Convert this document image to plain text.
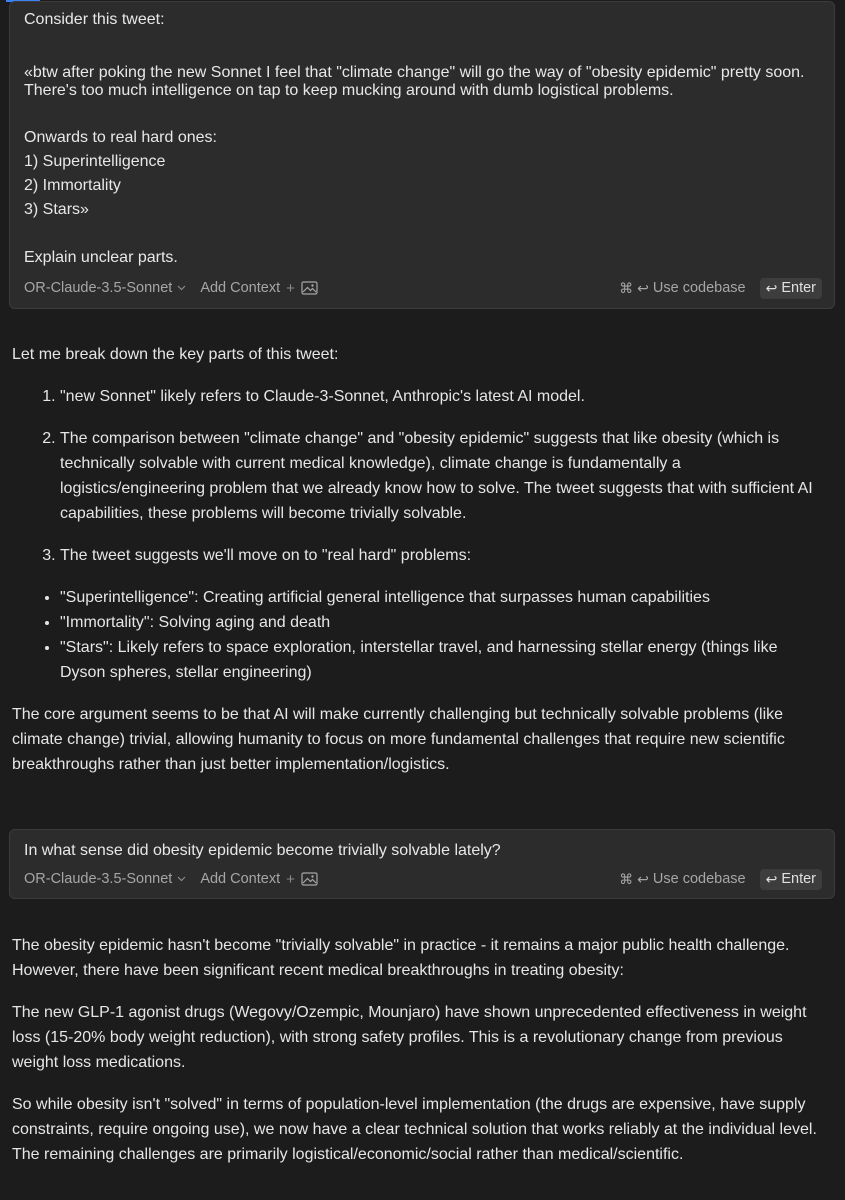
Consider this tweet:
«btw after poking the new Sonnet I feel that "climate change" will go the way of "obesity epidemic" pretty soon. There's too much intelligence on tap to keep mucking around with dumb logistical problems.
Onwards to real hard ones:
1) Superintelligence
2) Immortality
3) Stars»
Explain unclear parts.
OR-Claude-3.5-Sonnet Add Context +	⌘ ↩ Use codebase ↩ Enter

Let me break down the key parts of this tweet:

1. "new Sonnet" likely refers to Claude-3-Sonnet, Anthropic's latest AI model.
2. The comparison between "climate change" and "obesity epidemic" suggests that like obesity (which is technically solvable with current medical knowledge), climate change is fundamentally a logistics/engineering problem that we already know how to solve. The tweet suggests that with sufficient AI capabilities, these problems will become trivially solvable.
3. The tweet suggests we'll move on to "real hard" problems:
• "Superintelligence": Creating artificial general intelligence that surpasses human capabilities
• "Immortality": Solving aging and death
• "Stars": Likely refers to space exploration, interstellar travel, and harnessing stellar energy (things like Dyson spheres, stellar engineering)

The core argument seems to be that AI will make currently challenging but technically solvable problems (like climate change) trivial, allowing humanity to focus on more fundamental challenges that require new scientific breakthroughs rather than just better implementation/logistics.

In what sense did obesity epidemic become trivially solvable lately?
OR-Claude-3.5-Sonnet Add Context +	⌘ ↩ Use codebase ↩ Enter

The obesity epidemic hasn't become "trivially solvable" in practice - it remains a major public health challenge. However, there have been significant recent medical breakthroughs in treating obesity:

The new GLP-1 agonist drugs (Wegovy/Ozempic, Mounjaro) have shown unprecedented effectiveness in weight loss (15-20% body weight reduction), with strong safety profiles. This is a revolutionary change from previous weight loss medications.

So while obesity isn't "solved" in terms of population-level implementation (the drugs are expensive, have supply constraints, require ongoing use), we now have a clear technical solution that works reliably at the individual level. The remaining challenges are primarily logistical/economic/social rather than medical/scientific.
